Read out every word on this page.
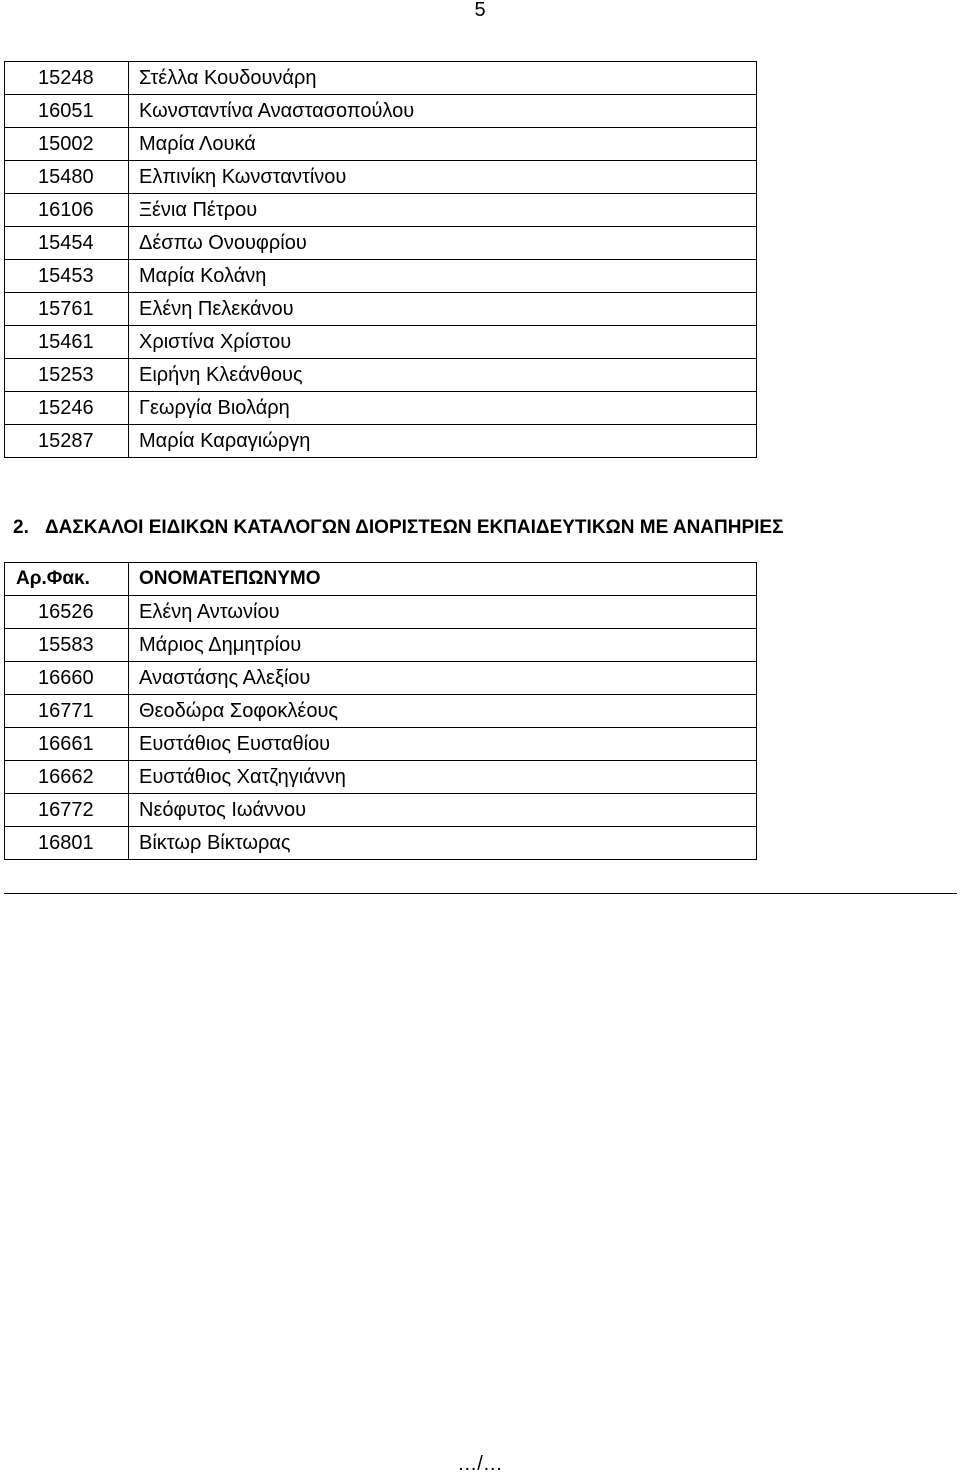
5
15248	Στέλλα Κουδουνάρη
16051	Κωνσταντίνα Αναστασοπούλου
15002	Μαρία Λουκά
15480	Ελπινίκη Κωνσταντίνου
16106	Ξένια Πέτρου
15454	Δέσπω Ονουφρίου
15453	Μαρία Κολάνη
15761	Ελένη Πελεκάνου
15461	Χριστίνα Χρίστου
15253	Ειρήνη Κλεάνθους
15246	Γεωργία Βιολάρη
15287	Μαρία Καραγιώργη
2. ΔΑΣΚΑΛΟΙ ΕΙΔΙΚΩΝ ΚΑΤΑΛΟΓΩΝ ΔΙΟΡΙΣΤΕΩΝ ΕΚΠΑΙΔΕΥΤΙΚΩΝ ΜΕ ΑΝΑΠΗΡΙΕΣ
Αρ.Φακ.	ΟΝΟΜΑΤΕΠΩΝΥΜΟ
16526	Ελένη Αντωνίου
15583	Μάριος Δημητρίου
16660	Αναστάσης Αλεξίου
16771	Θεοδώρα Σοφοκλέους
16661	Ευστάθιος Ευσταθίου
16662	Ευστάθιος Χατζηγιάννη
16772	Νεόφυτος Ιωάννου
16801	Βίκτωρ Βίκτωρας
…/…
